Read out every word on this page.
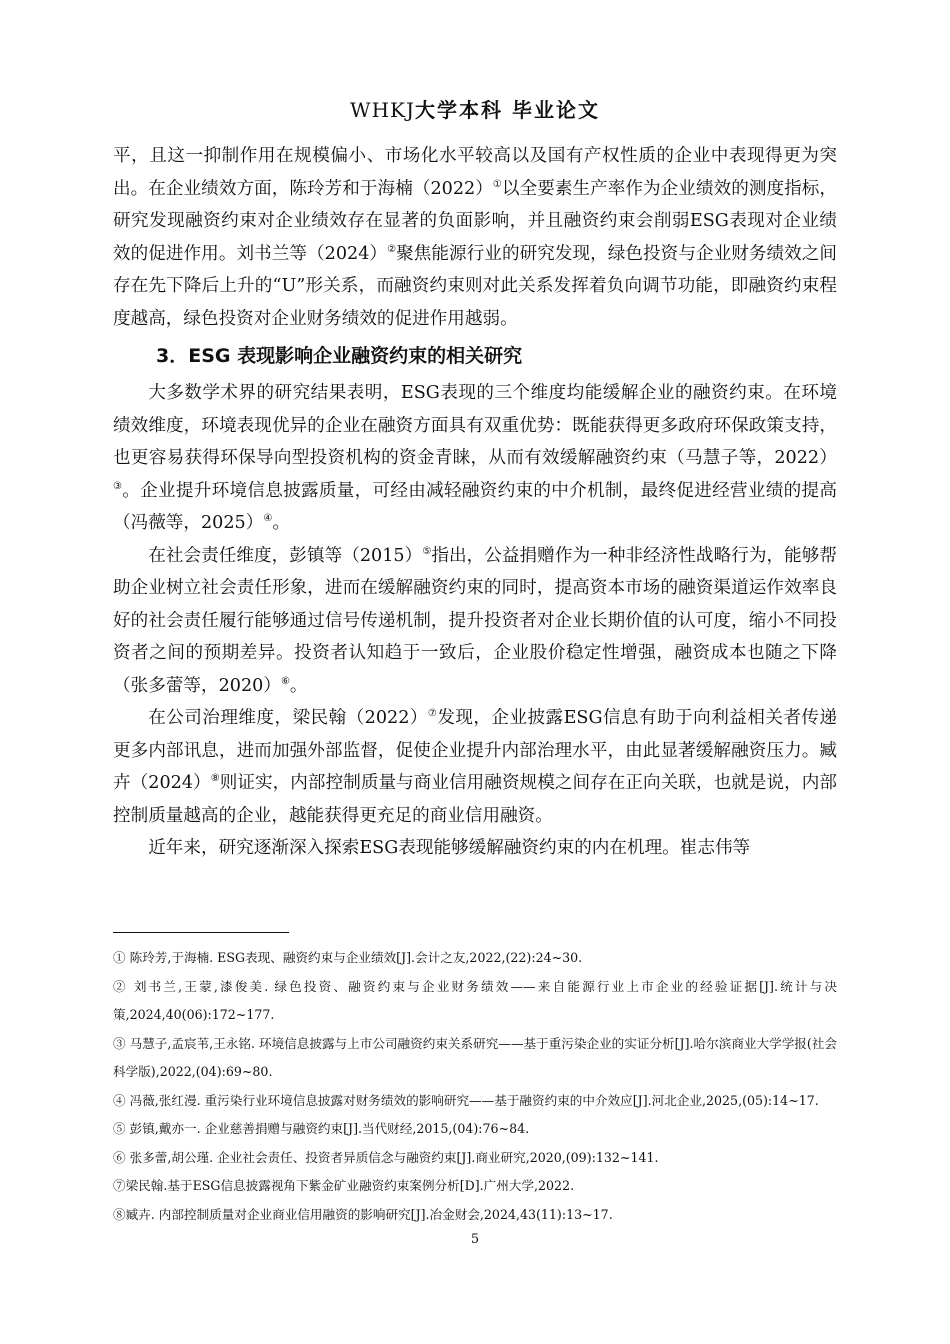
WHKJ大学本科 毕业论文

平，且这一抑制作用在规模偏小、市场化水平较高以及国有产权性质的企业中表现得更为突出。在企业绩效方面，陈玲芳和于海楠（2022）①以全要素生产率作为企业绩效的测度指标，研究发现融资约束对企业绩效存在显著的负面影响，并且融资约束会削弱ESG表现对企业绩效的促进作用。刘书兰等（2024）②聚焦能源行业的研究发现，绿色投资与企业财务绩效之间存在先下降后上升的“U”形关系，而融资约束则对此关系发挥着负向调节功能，即融资约束程度越高，绿色投资对企业财务绩效的促进作用越弱。

3．ESG 表现影响企业融资约束的相关研究

大多数学术界的研究结果表明，ESG表现的三个维度均能缓解企业的融资约束。在环境绩效维度，环境表现优异的企业在融资方面具有双重优势：既能获得更多政府环保政策支持，也更容易获得环保导向型投资机构的资金青睐，从而有效缓解融资约束（马慧子等，2022）③。企业提升环境信息披露质量，可经由减轻融资约束的中介机制，最终促进经营业绩的提高（冯薇等，2025）④。

在社会责任维度，彭镇等（2015）⑤指出，公益捐赠作为一种非经济性战略行为，能够帮助企业树立社会责任形象，进而在缓解融资约束的同时，提高资本市场的融资渠道运作效率良好的社会责任履行能够通过信号传递机制，提升投资者对企业长期价值的认可度，缩小不同投资者之间的预期差异。投资者认知趋于一致后，企业股价稳定性增强，融资成本也随之下降（张多蕾等，2020）⑥。

在公司治理维度，梁民翰（2022）⑦发现，企业披露ESG信息有助于向利益相关者传递更多内部讯息，进而加强外部监督，促使企业提升内部治理水平，由此显著缓解融资压力。臧卉（2024）⑧则证实，内部控制质量与商业信用融资规模之间存在正向关联，也就是说，内部控制质量越高的企业，越能获得更充足的商业信用融资。

近年来，研究逐渐深入探索ESG表现能够缓解融资约束的内在机理。崔志伟等

① 陈玲芳,于海楠. ESG表现、融资约束与企业绩效[J].会计之友,2022,(22):24~30.

② 刘书兰,王蒙,漆俊美. 绿色投资、融资约束与企业财务绩效——来自能源行业上市企业的经验证据[J].统计与决策,2024,40(06):172~177.

③ 马慧子,孟宸苇,王永铭. 环境信息披露与上市公司融资约束关系研究——基于重污染企业的实证分析[J].哈尔滨商业大学学报(社会科学版),2022,(04):69~80.

④ 冯薇,张红漫. 重污染行业环境信息披露对财务绩效的影响研究——基于融资约束的中介效应[J].河北企业,2025,(05):14~17.

⑤ 彭镇,戴亦一. 企业慈善捐赠与融资约束[J].当代财经,2015,(04):76~84.

⑥ 张多蕾,胡公瑾. 企业社会责任、投资者异质信念与融资约束[J].商业研究,2020,(09):132~141.

⑦梁民翰.基于ESG信息披露视角下紫金矿业融资约束案例分析[D].广州大学,2022.

⑧臧卉. 内部控制质量对企业商业信用融资的影响研究[J].冶金财会,2024,43(11):13~17.

5
